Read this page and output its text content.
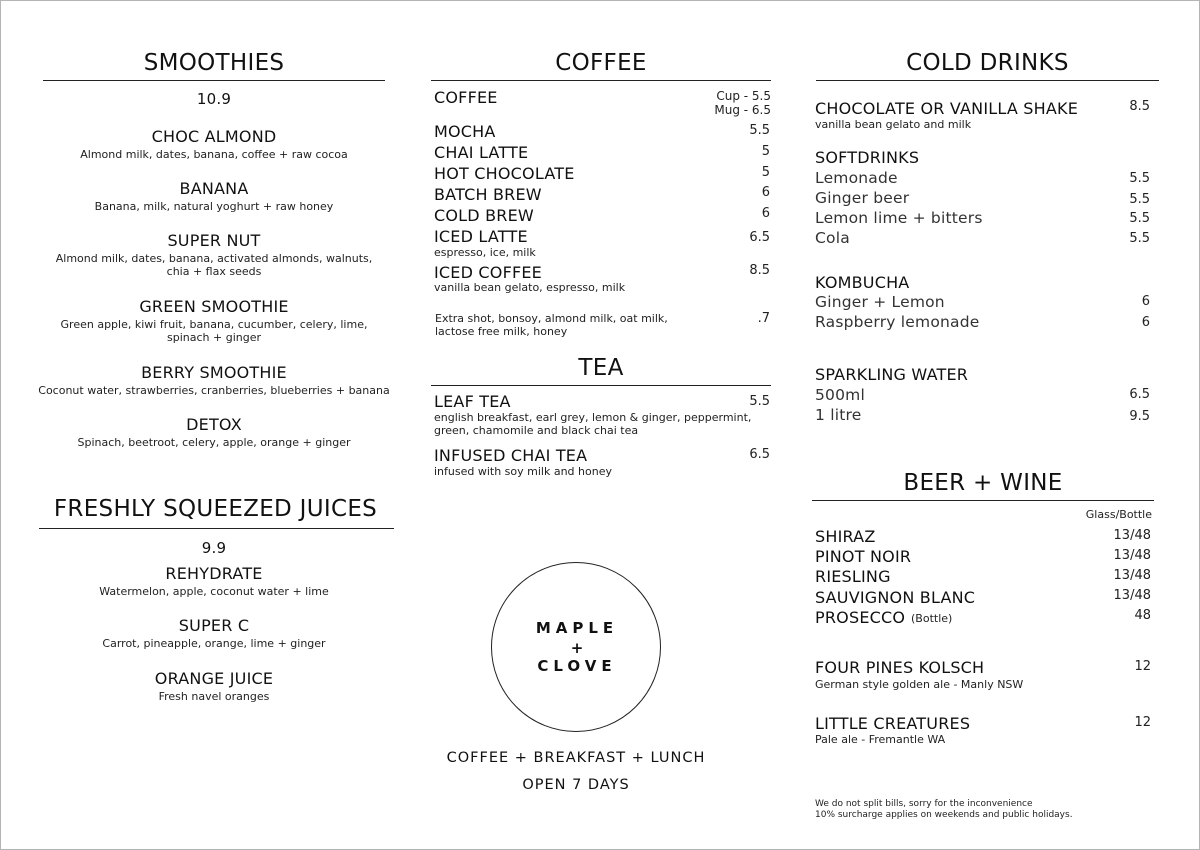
SMOOTHIES
10.9
CHOC ALMOND
Almond milk, dates, banana, coffee + raw cocoa
BANANA
Banana, milk, natural yoghurt + raw honey
SUPER NUT
Almond milk, dates, banana, activated almonds, walnuts,
chia + flax seeds
GREEN SMOOTHIE
Green apple, kiwi fruit, banana, cucumber, celery, lime,
spinach + ginger
BERRY SMOOTHIE
Coconut water, strawberries, cranberries, blueberries + banana
DETOX
Spinach, beetroot, celery, apple, orange + ginger
FRESHLY SQUEEZED JUICES
9.9
REHYDRATE
Watermelon, apple, coconut water + lime
SUPER C
Carrot, pineapple, orange, lime + ginger
ORANGE JUICE
Fresh navel oranges
COFFEE
COFFEE	Cup - 5.5
Mug - 6.5
MOCHA	5.5
CHAI LATTE	5
HOT CHOCOLATE	5
BATCH BREW	6
COLD BREW	6
ICED LATTE	6.5
espresso, ice, milk
ICED COFFEE	8.5
vanilla bean gelato, espresso, milk
Extra shot, bonsoy, almond milk, oat milk,
lactose free milk, honey
.7
TEA
LEAF TEA	5.5
english breakfast, earl grey, lemon & ginger, peppermint,
green, chamomile and black chai tea
INFUSED CHAI TEA	6.5
infused with soy milk and honey
MAPLE
+
CLOVE
COFFEE + BREAKFAST + LUNCH
OPEN 7 DAYS
COLD DRINKS
CHOCOLATE OR VANILLA SHAKE	8.5
vanilla bean gelato and milk
SOFTDRINKS
Lemonade	5.5
Ginger beer	5.5
Lemon lime + bitters	5.5
Cola	5.5
KOMBUCHA
Ginger + Lemon	6
Raspberry lemonade	6
SPARKLING WATER
500ml	6.5
1 litre	9.5
BEER + WINE
Glass/Bottle
SHIRAZ	13/48
PINOT NOIR	13/48
RIESLING	13/48
SAUVIGNON BLANC	13/48
PROSECCO (Bottle)	48
FOUR PINES KOLSCH	12
German style golden ale - Manly NSW
LITTLE CREATURES	12
Pale ale - Fremantle WA
We do not split bills, sorry for the inconvenience
10% surcharge applies on weekends and public holidays.
